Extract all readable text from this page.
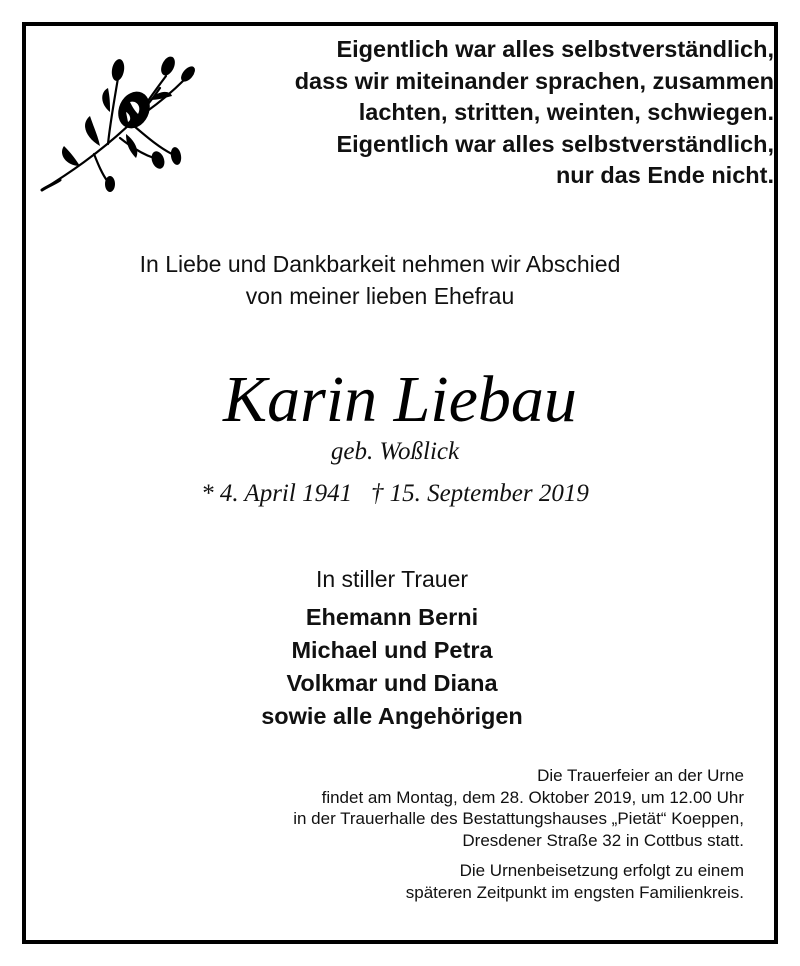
Eigentlich war alles selbstverständlich,
dass wir miteinander sprachen, zusammen
lachten, stritten, weinten, schwiegen.
Eigentlich war alles selbstverständlich,
nur das Ende nicht.
In Liebe und Dankbarkeit nehmen wir Abschied
von meiner lieben Ehefrau
Karin Liebau
geb. Woßlick
* 4. April 1941 † 15. September 2019
In stiller Trauer
Ehemann Berni
Michael und Petra
Volkmar und Diana
sowie alle Angehörigen
Die Trauerfeier an der Urne
findet am Montag, dem 28. Oktober 2019, um 12.00 Uhr
in der Trauerhalle des Bestattungshauses „Pietät“ Koeppen,
Dresdener Straße 32 in Cottbus statt.
Die Urnenbeisetzung erfolgt zu einem
späteren Zeitpunkt im engsten Familienkreis.
